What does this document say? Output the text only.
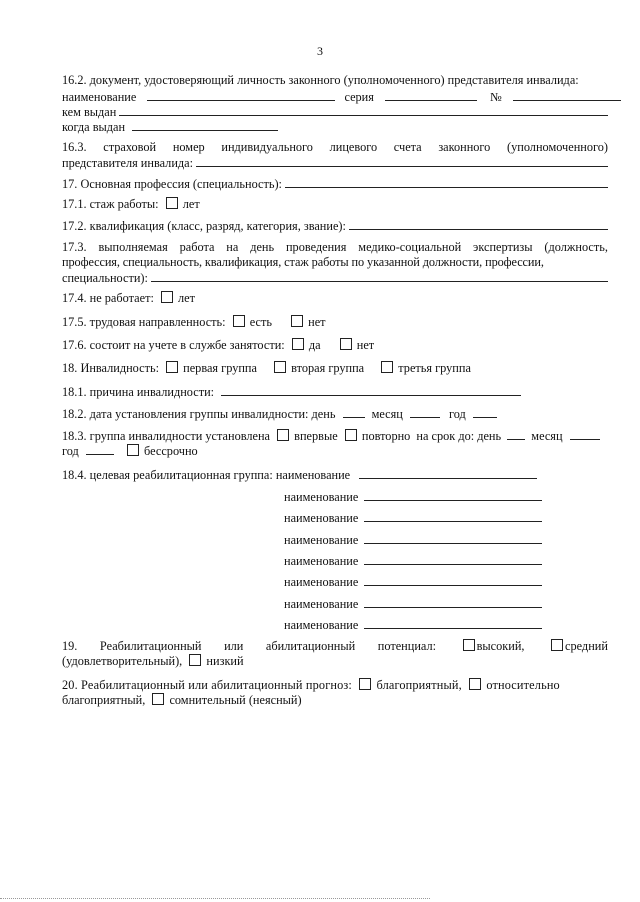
3
16.2. документ, удостоверяющий личность законного (уполномоченного) представителя инвалида:
наименование	серия	№
кем выдан
когда выдан
16.3. страховой номер индивидуального лицевого счета законного (уполномоченного)
представителя инвалида:
17. Основная профессия (специальность):
17.1. стаж работы: лет
17.2. квалификация (класс, разряд, категория, звание):
17.3. выполняемая работа на день проведения медико-социальной экспертизы (должность,
профессия, специальность, квалификация, стаж работы по указанной должности, профессии,
специальности):
17.4. не работает: лет
17.5. трудовая направленность: есть	нет
17.6. состоит на учете в службе занятости: да	нет
18. Инвалидность: первая группа	вторая группа	третья группа
18.1. причина инвалидности:
18.2. дата установления группы инвалидности: день	месяц	год
18.3. группа инвалидности установлена впервые повторно на срок до: день месяц
год	бессрочно
18.4. целевая реабилитационная группа: наименование
наименование
наименование
наименование
наименование
наименование
наименование
наименование
19. Реабилитационный или абилитационный потенциал:	высокий,	средний
(удовлетворительный), низкий
20. Реабилитационный или абилитационный прогноз: благоприятный, относительно
благоприятный, сомнительный (неясный)
